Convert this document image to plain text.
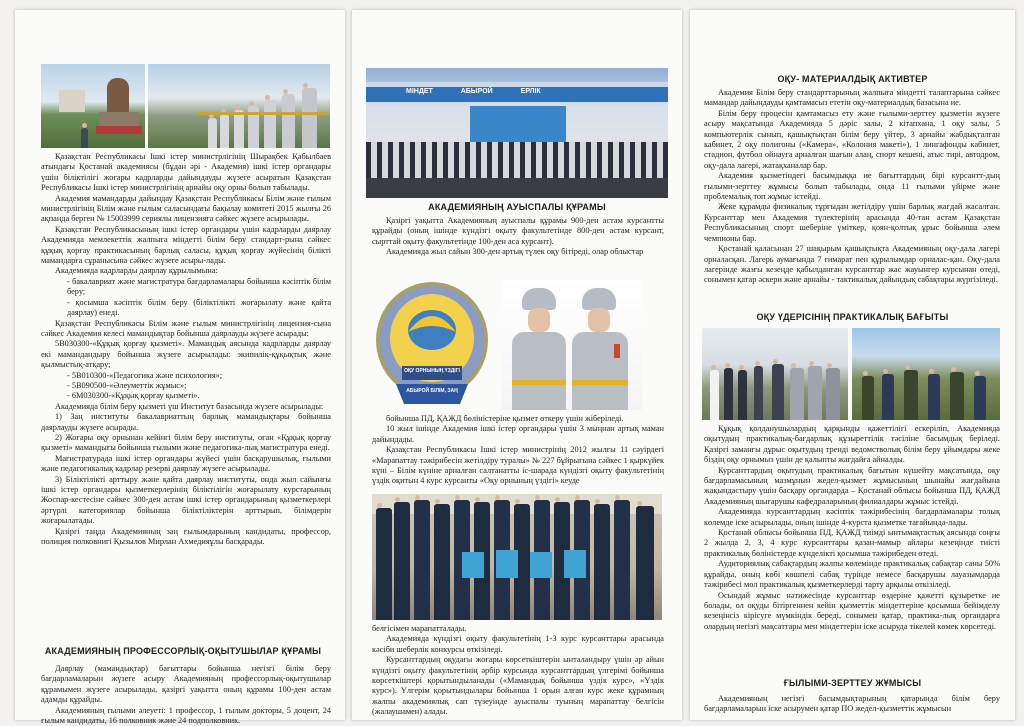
Қазақстан Республикасы Ішкі істер министрлігінің Шырақбек Қабылбаев атындағы Қостанай академиясы (бұдан әрі - Академия) ішкі істер органдары үшін біліктілігі жоғары кадрларды дайындауды жүзеге асыратын Қазақстан Республикасы Ішкі істер министрлігінің арнайы оқу орны болып табылады.

Академия мамандарды дайындау Қазақстан Республикасы Білім және ғылым министрлігінің Білім және ғылым саласындағы бақылау комитеті 2015 жылғы 26 ақпанда берген № 15003999 сериялы лицензияға сәйкес жүзеге асырылады.

Қазақстан Республикасының ішкі істер органдары үшін кадрларды даярлау Академияда мемлекеттік жалпыға міндетті білім беру стандарт-рына сәйкес құқық қорғау практикасының барлық саласы, құқық қорғау жүйесінің білікті мамандарға сұранысына сәйкес жүзеге асыры-лады.

Академияда кадрларды даярлау құрылымына:

- бакалавриат және магистратура бағдарламалары бойынша кәсіптік білім беру;

- қосымша кәсіптік білім беру (біліктілікті жоғарылату және қайта даярлау) енеді.

Қазақстан Республикасы Білім және ғылым министрлігінің лицензия-сына сәйкес Академия келесі мамандықтар бойынша даярлауды жүзеге асырады:

5В030300-«Құқық қорғау қызметі». Мамандық аясында кадрларды даярлау екі мамандандыру бойынша жүзеге асырылады: экипилік-құқықтық және қылмыстық-атқару;

- 5В010300-«Педагогика және психология»;

- 5В090500-«Әлеуметтік жұмыс»;

- 6М030300-«Құқық қорғау қызметі».

Академияда білім беру қызметі үш Институт базасында жүзеге асырылады:

1) Заң институты бакалавриаттың барлық мамандықтары бойынша даярлауды жүзеге асырады.

2) Жоғары оқу орнынан кейінгі білім беру институты, оған «Құқық қорғау қызметі» мамандығы бойынша ғылыми және педагогика-лық магистратура енеді.

Магистратурада ішкі істер органдары жүйесі үшін басқарушылық, ғылыми және педагогикалық кадрлар резерві даярлау жүзеге асырылады.

3) Біліктілікті арттыру және қайта даярлау институты, онда жыл сайынғы ішкі істер органдары қызметкерлерінің біліктілігін жоғарылату курстарының Жоспар-кестесіне сәйкес 300-ден астам ішкі істер органдарының қызметкерлері әртүрлі категориялар бойынша біліктіліктерін арттырып, білімдерін жоғарылатады.

Қазіргі таңда Академияның заң ғылымдарының кандидаты, профессор, полиция полковнигі Қызылов Мирлан Ахмедияұлы басқарады.

АКАДЕМИЯНЫҢ ПРОФЕССОРЛЫҚ-ОҚЫТУШЫЛАР ҚҰРАМЫ

Даярлау (мамандықтар) бағыттары бойынша негізгі білім беру бағдарламаларын жүзеге асыру Академияның профессорлық-оқытушылар құрамымен жүзеге асырылады, қазіргі уақытта оның құрамы 100-ден астам адамды құрайды.

Академияның ғылыми әлеуеті: 1 профессор, 1 ғылым докторы, 5 доцент, 24 ғылым кандидаты, 16 полковник және 24 подполковник.

МІНДЕТ	АБЫРОЙ	ЕРЛІК
АКАДЕМИЯНЫҢ АУЫСПАЛЫ ҚҰРАМЫ

Қазіргі уақытта Академияның ауыспалы құрамы 900-ден астам курсантты құрайды (оның ішінде күндізгі оқыту факультетінде 800-ден астам курсант, сырттай оқыту факультетінде 100-ден аса курсант).

Академияда жыл сайын 300-ден артық түлек оқу бітіреді, олар облыстар

ОҚУ ОРНЫНЫҢ ҮЗДІГІ
АБЫРОЙ БІЛІМ, ЗАҢ

бойынша ПД, ҚАЖД бөліністеріне қызмет өткеру үшін жіберіледі.

10 жыл ішінде Академия ішкі істер органдары үшін 3 мыңнан артық маман дайындады.

Қазақстан Республикасы Ішкі істер министрінің 2012 жылғы 11 сәуірдегі «Марапаттау тәжірибесін жетілдіру туралы» № 227 бұйрығына сәйкес 1 қыркүйек күні – Білім күніне арналған салтанатты іс-шарада күндізгі оқыту факультетінің үздік оқитын 4 курс курсанты «Оқу орнының үздігі» кеуде

белгісімен марапатталады.

Академияда күндізгі оқыту факультетінің 1-3 курс курсанттары арасында кәсіби шеберлік конкурсы өткізіледі.

Курсанттардың оқудағы жоғары көрсеткіштерін ынталандыру үшін әр айын күндізгі оқыту факультетінің әрбір курсында курсанттардың үлгерімі бойынша көрсеткіштері қорытындыланады («Мамандық бойынша үздік курс», «Үздік курс»). Үлгерім қорытындылары бойынша 1 орын алған курс жеке құрамның жалпы академиялық сап түзеуінде ауыспалы туының марапаттау белгісін (жалаушамен) алады.

ОҚУ- МАТЕРИАЛДЫҚ АКТИВТЕР

Академия Білім беру стандарттарының жалпыға міндетті талаптарына сәйкес мамандар дайындауды қамтамасыз ететін оқу-материалдық базасына ие.

Білім беру процесін қамтамасыз ету және ғылыми-зерттеу қызметін жүзеге асыру мақсатында Академияда 5 дәріс залы, 2 кітапхана, 1 оқу залы, 5 компьютерлік сынып, қашықтықтан білім беру үйтер, 3 арнайы жабдықталған кабинет, 2 оқу полигоны («Камера», «Колония макеті»), 1 лингафонды кабинет, стадион, футбол ойнауға арналған шағын алаң, спорт кешені, атыс тирі, автодром, оқу-дала лагері, жатақханалар бар.

Академия қызметіндегі басымдыққа ие бағыттардың бірі курсантт-дың ғылыми-зерттеу жұмысы болып табылады, онда 11 ғылыми үйірме және проблемалық топ жұмыс істейді.

Жеке құрамды физикалық тұрғыдан жетілдіру үшін барлық жағдай жасалған. Курсанттар мен Академия түлектерінің арасында 40-тан астам Қазақстан Республикасының спорт шеберіне үміткер, қоян-қолтық ұрыс бойынша әлем чемпионы бар.

Қостанай қаласынан 27 шақырым қашықтықта Академияның оқу-дала лагері орналасқан. Лагерь аумағында 7 ғимарат пен құрылымдар орналас-қан. Оқу-дала лагерінде жазғы кезеңде қабылданған курсанттар жас жауынгер курсынан өтеді, сонымен қатар әскери және арнайы - тактикалық дайындық сабақтары жүргізіледі.

ОҚУ ҮДЕРІСІНІҢ ПРАКТИКАЛЫҚ БАҒЫТЫ

Құқық қолданушылардың қарқынды қажеттілігі ескеріліп, Академияда оқытудың практикалық-бағдарлық құзыреттілік тәсіліне басымдық беріледі. Қазіргі заманғы дұрыс оқытудың тренді ведомстволық білім беру ұйымдары жеке біздің оқу орнымыз үшін де қалыпты жағдайға айналды.

Курсанттардың оқытудың практикалық бағытын күшейту мақсатында, оқу бағдарламасының мазмұнын жедел-қызмет жұмысының шынайы жағдайына жақындастыру үшін басқару органдарда – Қостанай облысы бойынша ПД, ҚАЖД Академияның шығарушы кафедраларының филиалдары жұмыс істейді.

Академияда курсанттардың кәсіптік тәжірибесінің бағдарламалары толық көлемде іске асырылады, оның ішінде 4-курста қызметке тағайында-лады.

Қостанай облысы бойынша ПД, ҚАЖД тиімді ынтымақтастық аясында соңғы 2 жылда 2, 3, 4 курс курсанттары қазан-мамыр айлары кезеңінде тиісті практикалық бөліністерде күнделікті қосымша тәжірибеден өтеді.

Аудиториялық сабақтардың жалпы көлемінде практикалық сабақтар саны 50% құрайды, оның көбі көшпелі сабақ түрінде немесе басқарушы лауазымдарда тәжірибесі мол практикалық қызметкерлерді тарту арқылы өткізіледі.

Осындай жұмыс нәтижесінде курсанттар өздеріне қажетті құзыретке ие болады, ол оқуды бітіргеннен кейін қызметтік міндеттеріне қосымша бейімделу кезеңінсіз кірісуге мүмкіндік береді, сонымен қатар, практика-лық органдарға олардың негізгі мақсаттары мен міндеттерін іске асыруда тікелей көмек көрсетеді.

ҒЫЛЫМИ-ЗЕРТТЕУ ЖҰМЫСЫ

Академияның негізгі басымдықтарының қатарында білім беру бағдарламаларын іске асырумен қатар ПО жедел-қызметтік жұмысын
